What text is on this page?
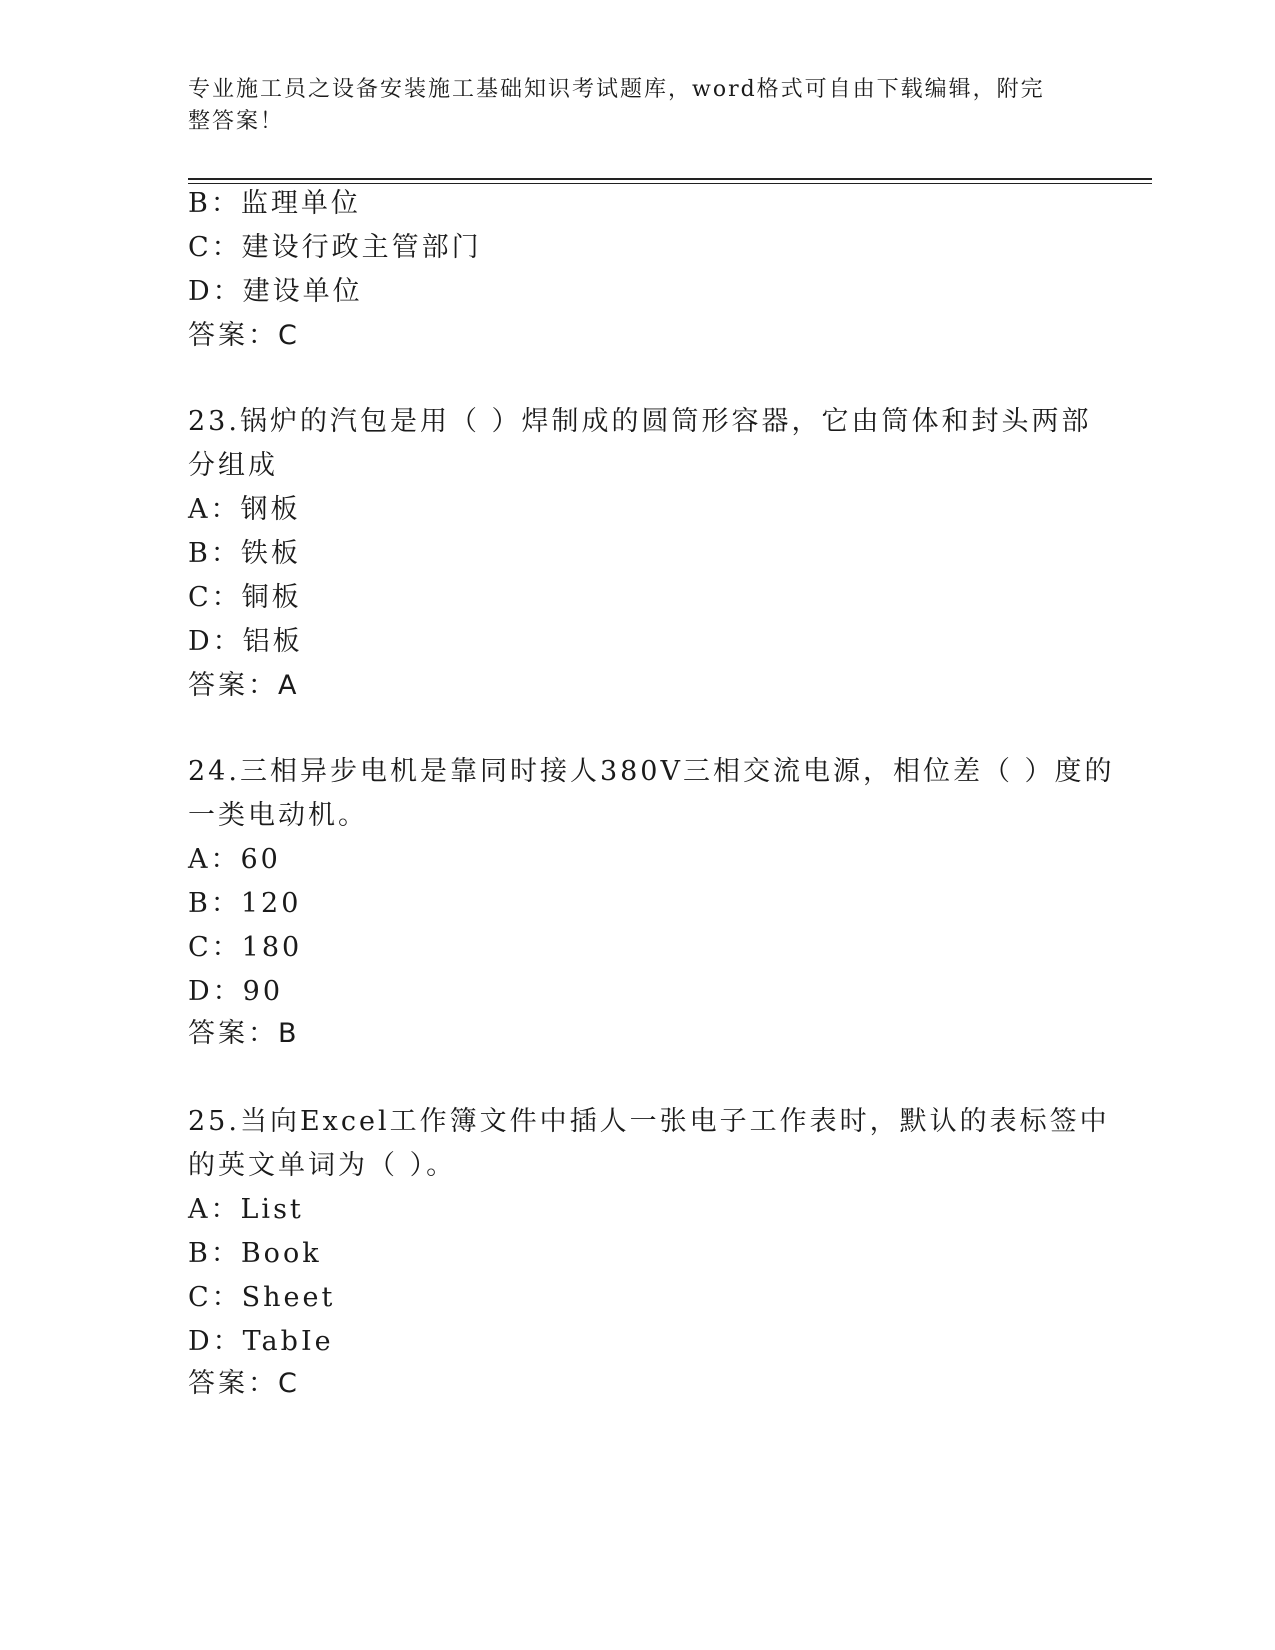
专业施工员之设备安装施工基础知识考试题库，word格式可自由下载编辑，附完整答案！
B：监理单位
C：建设行政主管部门
D：建设单位
答案：C
23.锅炉的汽包是用（ ）焊制成的圆筒形容器，它由筒体和封头两部
分组成
A：钢板
B：铁板
C：铜板
D：铝板
答案：A
24.三相异步电机是靠同时接人380V三相交流电源，相位差（ ）度的
一类电动机。
A：60
B：120
C：180
D：90
答案：B
25.当向Excel工作簿文件中插人一张电子工作表时，默认的表标签中
的英文单词为（ ）。
A：List
B：Book
C：Sheet
D：TabIe
答案：C
